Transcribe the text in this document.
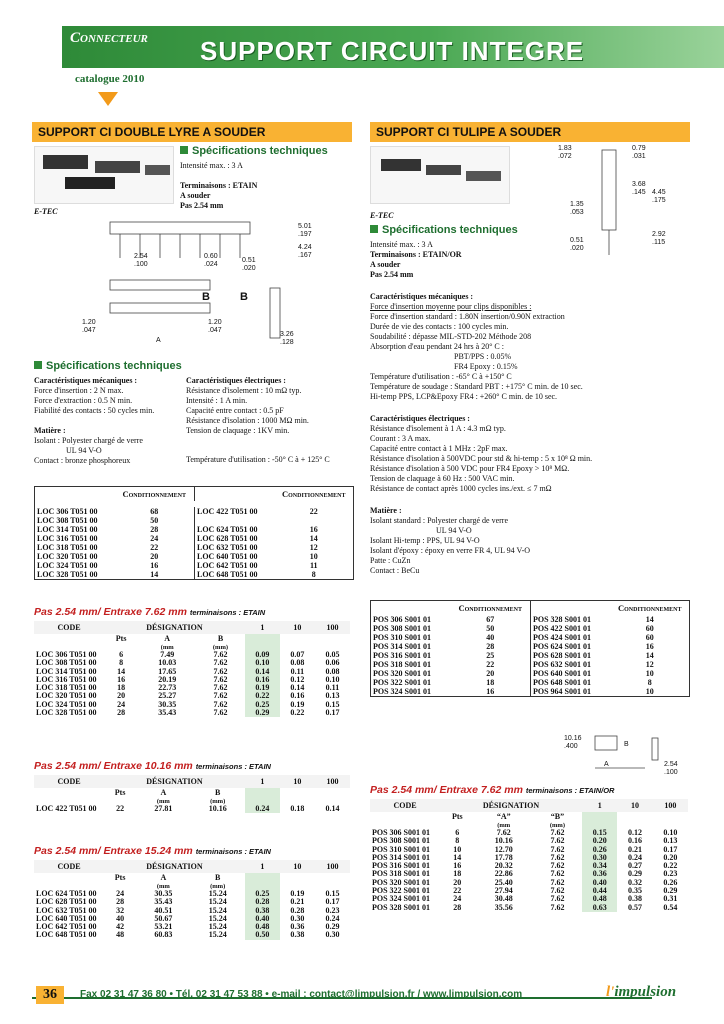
Connecteur SUPPORT CIRCUIT INTEGRE
catalogue 2010
SUPPORT CI DOUBLE LYRE A SOUDER
E-TEC
Spécifications techniques
Intensité max. : 3 A
Terminaisons : ETAIN
A souder
Pas 2.54 mm
5.01
.197
4.24
.167
2.54
.100
0.60
.024
0.51
.020
B	B
1.20
.047
1.20
.047
A
3.26
.128
Spécifications techniques
Caractéristiques mécaniques :
Force d'insertion : 2 N max.
Force d'extraction : 0.5 N min.
Fiabilité des contacts : 50 cycles min.
Matière :
Isolant : Polyester chargé de verre
UL 94 V-O
Contact : bronze phosphoreux
Caractéristiques électriques :
Résistance d'isolement : 10 mΩ typ.
Intensité : 1 A min.
Capacité entre contact : 0.5 pF
Résistance d'isolation : 1000 MΩ min.
Tension de claquage : 1KV min.
Température d'utilisation : -50° C à + 125° C
	Conditionnement		Conditionnement

LOC 306 T051 00	68	LOC 422 T051 00	22
LOC 308 T051 00	50		
LOC 314 T051 00	28	LOC 624 T051 00	16
LOC 316 T051 00	24	LOC 628 T051 00	14
LOC 318 T051 00	22	LOC 632 T051 00	12
LOC 320 T051 00	20	LOC 640 T051 00	10
LOC 324 T051 00	16	LOC 642 T051 00	11
LOC 328 T051 00	14	LOC 648 T051 00	8
Pas 2.54 mm/ Entraxe 7.62 mm terminaisons : ETAIN
CODE	DÉSIGNATION			1	10	100
	Pts	A	B			
		(mm	(mm)			
LOC 306 T051 00	6	7.49	7.62	0.09	0.07	0.05
LOC 308 T051 00	8	10.03	7.62	0.10	0.08	0.06
LOC 314 T051 00	14	17.65	7.62	0.14	0.11	0.08
LOC 316 T051 00	16	20.19	7.62	0.16	0.12	0.10
LOC 318 T051 00	18	22.73	7.62	0.19	0.14	0.11
LOC 320 T051 00	20	25.27	7.62	0.22	0.16	0.13
LOC 324 T051 00	24	30.35	7.62	0.25	0.19	0.15
LOC 328 T051 00	28	35.43	7.62	0.29	0.22	0.17
Pas 2.54 mm/ Entraxe 10.16 mm terminaisons : ETAIN
CODE	DÉSIGNATION			1	10	100
	Pts	A	B			
		(mm	(mm)			
LOC 422 T051 00	22	27.81	10.16	0.24	0.18	0.14
Pas 2.54 mm/ Entraxe 15.24 mm terminaisons : ETAIN
CODE	DÉSIGNATION			1	10	100
	Pts	A	B			
		(mm	(mm)			
LOC 624 T051 00	24	30.35	15.24	0.25	0.19	0.15
LOC 628 T051 00	28	35.43	15.24	0.28	0.21	0.17
LOC 632 T051 00	32	40.51	15.24	0.38	0.28	0.23
LOC 640 T051 00	40	50.67	15.24	0.40	0.30	0.24
LOC 642 T051 00	42	53.21	15.24	0.48	0.36	0.29
LOC 648 T051 00	48	60.83	15.24	0.50	0.38	0.30
SUPPORT CI TULIPE A SOUDER
E-TEC
1.83
.072
0.79
.031
3.68
.145 4.45
.175
1.35
.053
2.92
.115
0.51
.020
Spécifications techniques
Intensité max. : 3 A
Terminaisons : ETAIN/OR
A souder
Pas 2.54 mm
Caractéristiques mécaniques :
Force d'insertion moyenne pour clips disponibles :
Force d'insertion standard : 1.80N insertion/0.90N extraction
Durée de vie des contacts : 100 cycles min.
Soudabilité : dépasse MIL-STD-202 Méthode 208
Absorption d'eau pendant 24 hrs à 20° C :
PBT/PPS : 0.05%
FR4 Epoxy : 0.15%
Température d'utilisation : -65° C à +150° C
Température de soudage : Standard PBT : +175° C min. de 10 sec.
Hi-temp PPS, LCP&Epoxy FR4 : +260° C min. de 10 sec.
Caractéristiques électriques :
Résistance d'isolement à 1 A : 4.3 mΩ typ.
Courant : 3 A max.
Capacité entre contact à 1 MHz : 2pF max.
Résistance d'isolation à 500VDC pour std & hi-temp : 5 x 10⁸ Ω min.
Résistance d'isolation à 500 VDC pour FR4 Epoxy > 10⁸ MΩ.
Tension de claquage à 60 Hz : 500 VAC min.
Résistance de contact après 1000 cycles ins./ext. ≤ 7 mΩ
Matière :
Isolant standard : Polyester chargé de verre
UL 94 V-O
Isolant Hi-temp : PPS, UL 94 V-O
Isolant d'époxy : époxy en verre FR 4, UL 94 V-O
Patte : CuZn
Contact : BeCu
	Conditionnement		Conditionnement
POS 306 S001 01	67	POS 328 S001 01	14
POS 308 S001 01	50	POS 422 S001 01	60
POS 310 S001 01	40	POS 424 S001 01	60
POS 314 S001 01	28	POS 624 S001 01	16
POS 316 S001 01	25	POS 628 S001 01	14
POS 318 S001 01	22	POS 632 S001 01	12
POS 320 S001 01	20	POS 640 S001 01	10
POS 322 S001 01	18	POS 648 S001 01	8
POS 324 S001 01	16	POS 964 S001 01	10
10.16
.400	B
A	2.54
.100
Pas 2.54 mm/ Entraxe 7.62 mm terminaisons : ETAIN/OR
CODE	DÉSIGNATION			1	10	100
	Pts	“A”	“B”			
		(mm	(mm)			
POS 306 S001 01	6	7.62	7.62	0.15	0.12	0.10
POS 308 S001 01	8	10.16	7.62	0.20	0.16	0.13
POS 310 S001 01	10	12.70	7.62	0.26	0.21	0.17
POS 314 S001 01	14	17.78	7.62	0.30	0.24	0.20
POS 316 S001 01	16	20.32	7.62	0.34	0.27	0.22
POS 318 S001 01	18	22.86	7.62	0.36	0.29	0.23
POS 320 S001 01	20	25.40	7.62	0.40	0.32	0.26
POS 322 S001 01	22	27.94	7.62	0.44	0.35	0.29
POS 324 S001 01	24	30.48	7.62	0.48	0.38	0.31
POS 328 S001 01	28	35.56	7.62	0.63	0.57	0.54
36	Fax 02 31 47 36 80 • Tél. 02 31 47 53 88 • e-mail : contact@limpulsion.fr / www.limpulsion.com	l'impulsion
